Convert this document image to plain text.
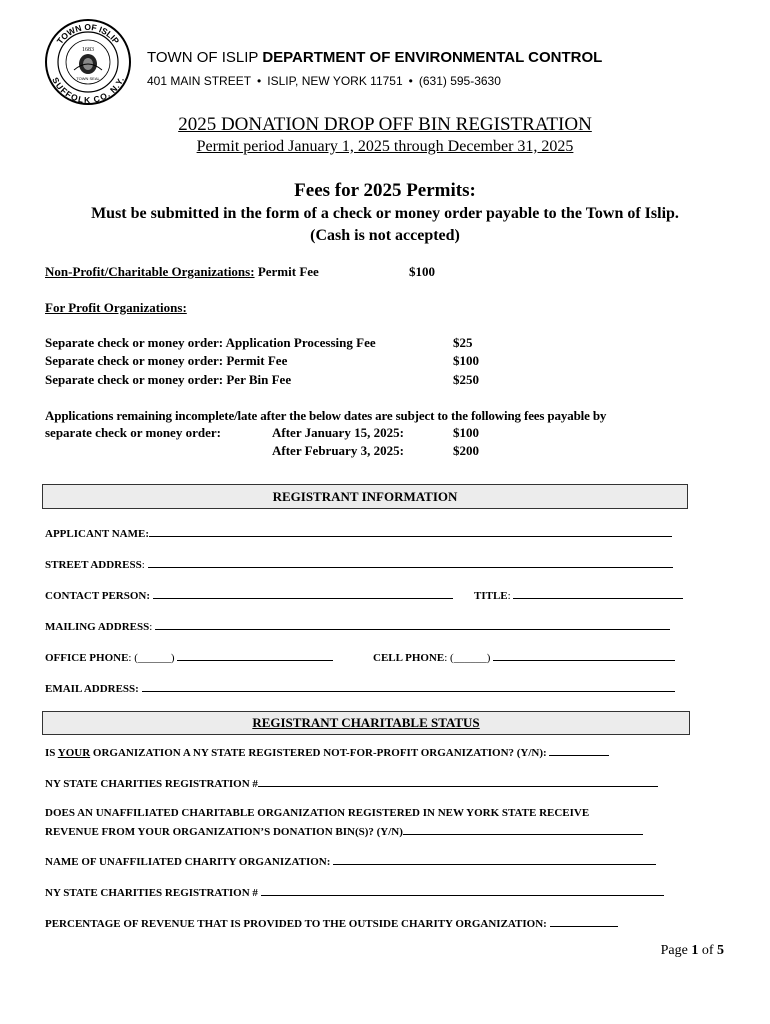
TOWN OF ISLIP
SUFFOLK CO. N.Y.
1683
TOWN SEAL
TOWN OF ISLIP DEPARTMENT OF ENVIRONMENTAL CONTROL
401 MAIN STREET • ISLIP, NEW YORK 11751 • (631) 595-3630
2025 DONATION DROP OFF BIN REGISTRATION
Permit period January 1, 2025 through December 31, 2025
Fees for 2025 Permits:
Must be submitted in the form of a check or money order payable to the Town of Islip.
(Cash is not accepted)
Non-Profit/Charitable Organizations: Permit Fee	$100
For Profit Organizations:
Separate check or money order: Application Processing Fee	$25
Separate check or money order: Permit Fee	$100
Separate check or money order: Per Bin Fee	$250
Applications remaining incomplete/late after the below dates are subject to the following fees payable by
separate check or money order:	After January 15, 2025:	$100
After February 3, 2025:	$200
REGISTRANT INFORMATION
APPLICANT NAME:
STREET ADDRESS:
CONTACT PERSON:	TITLE:
MAILING ADDRESS:
OFFICE PHONE: (______)	CELL PHONE: (______)
EMAIL ADDRESS:
REGISTRANT CHARITABLE STATUS
IS YOUR ORGANIZATION A NY STATE REGISTERED NOT-FOR-PROFIT ORGANIZATION? (Y/N):
NY STATE CHARITIES REGISTRATION #
DOES AN UNAFFILIATED CHARITABLE ORGANIZATION REGISTERED IN NEW YORK STATE RECEIVE
REVENUE FROM YOUR ORGANIZATION’S DONATION BIN(S)? (Y/N)
NAME OF UNAFFILIATED CHARITY ORGANIZATION:
NY STATE CHARITIES REGISTRATION #
PERCENTAGE OF REVENUE THAT IS PROVIDED TO THE OUTSIDE CHARITY ORGANIZATION:
Page 1 of 5
